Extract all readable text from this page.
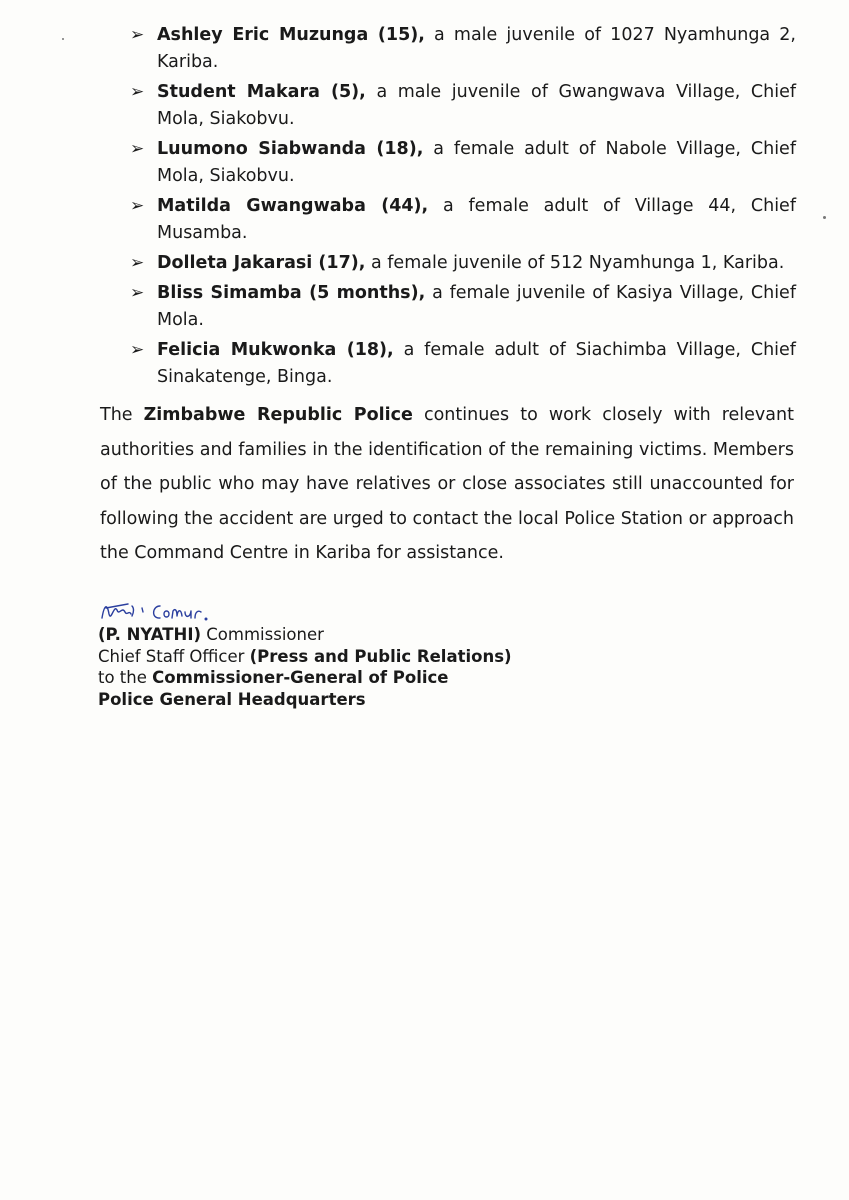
➢ Ashley Eric Muzunga (15), a male juvenile of 1027 Nyamhunga 2, Kariba.
➢ Student Makara (5), a male juvenile of Gwangwava Village, Chief Mola, Siakobvu.
➢ Luumono Siabwanda (18), a female adult of Nabole Village, Chief Mola, Siakobvu.
➢ Matilda Gwangwaba (44), a female adult of Village 44, Chief Musamba.
➢ Dolleta Jakarasi (17), a female juvenile of 512 Nyamhunga 1, Kariba.
➢ Bliss Simamba (5 months), a female juvenile of Kasiya Village, Chief Mola.
➢ Felicia Mukwonka (18), a female adult of Siachimba Village, Chief Sinakatenge, Binga.

The Zimbabwe Republic Police continues to work closely with relevant authorities and families in the identification of the remaining victims. Members of the public who may have relatives or close associates still unaccounted for following the accident are urged to contact the local Police Station or approach the Command Centre in Kariba for assistance.

(P. NYATHI) Commissioner
Chief Staff Officer (Press and Public Relations)
to the Commissioner-General of Police
Police General Headquarters
